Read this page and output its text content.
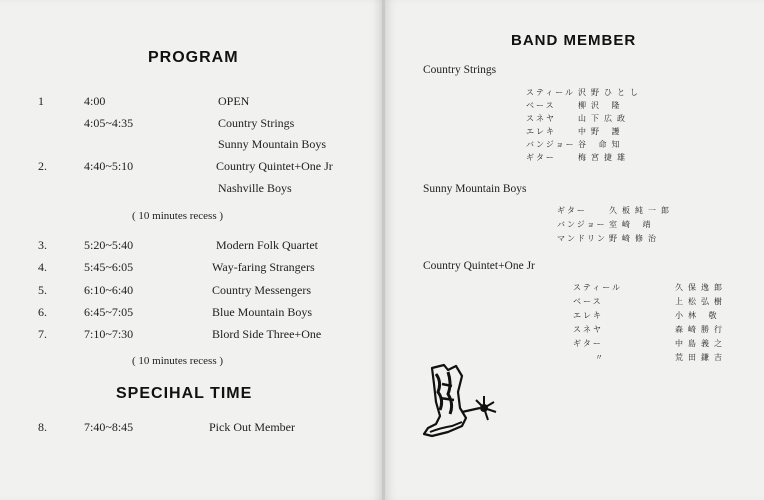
PROGRAM
1	4:00	OPEN
4:05~4:35	Country Strings
Sunny Mountain Boys
2.	4:40~5:10	Country Quintet+One Jr
Nashville Boys
( 10 minutes recess )
3.	5:20~5:40	Modern Folk Quartet
4.	5:45~6:05	Way-faring Strangers
5.	6:10~6:40	Country Messengers
6.	6:45~7:05	Blue Mountain Boys
7.	7:10~7:30	Blord Side Three+One
( 10 minutes recess )
SPECIHAL TIME
8.	7:40~8:45	Pick Out Member
BAND MEMBER
Country Strings
スティール 沢野ひとし
ベース	柳沢 隆
スネヤ	山下広政
エレキ	中野 護
バンジョー 谷 命知
ギター	梅宮捷雄
Sunny Mountain Boys
ギター	久板純一郎
バンジョー 室崎 靖
マンドリン 野崎修治
Country Quintet+One Jr
スティール	久保逸郎
ベース	上松弘樹
エレキ	小林 敬
スネヤ	森崎勝行
ギター	中島義之
〃	荒田鎌吉
